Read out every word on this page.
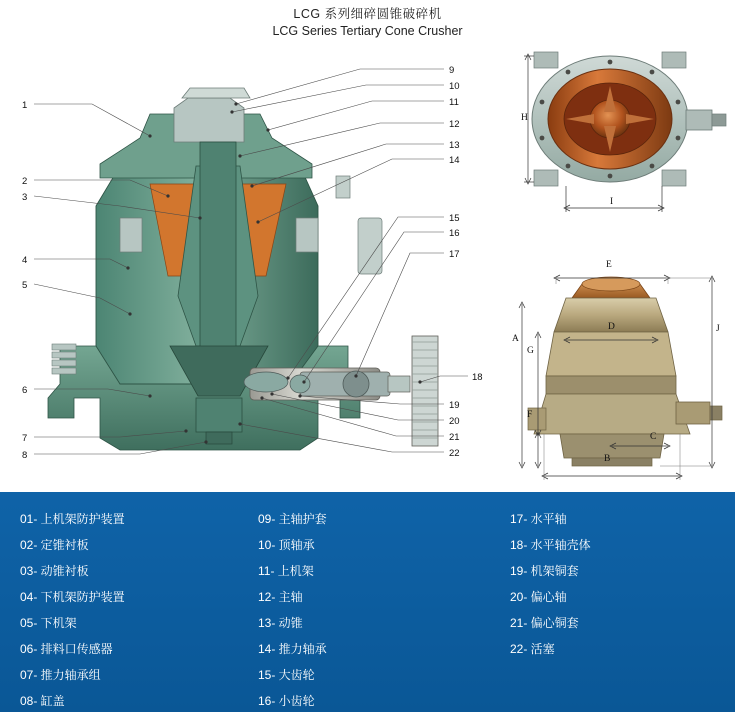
LCG 系列细碎圆锥破碎机
LCG Series Tertiary Cone Crusher
1
2
3
4
5
6
7
8
9
10
11
12
13
14
15
16
17
18
19
20
21
22
H
I
A
B
C
D
E
F
G
J
01- 上机架防护装置
02- 定锥衬板
03- 动锥衬板
04- 下机架防护装置
05- 下机架
06- 排料口传感器
07- 推力轴承组
08- 缸盖
09- 主轴护套
10- 顶轴承
11- 上机架
12- 主轴
13- 动锥
14- 推力轴承
15- 大齿轮
16- 小齿轮
17- 水平轴
18- 水平轴壳体
19- 机架铜套
20- 偏心轴
21- 偏心铜套
22- 活塞
